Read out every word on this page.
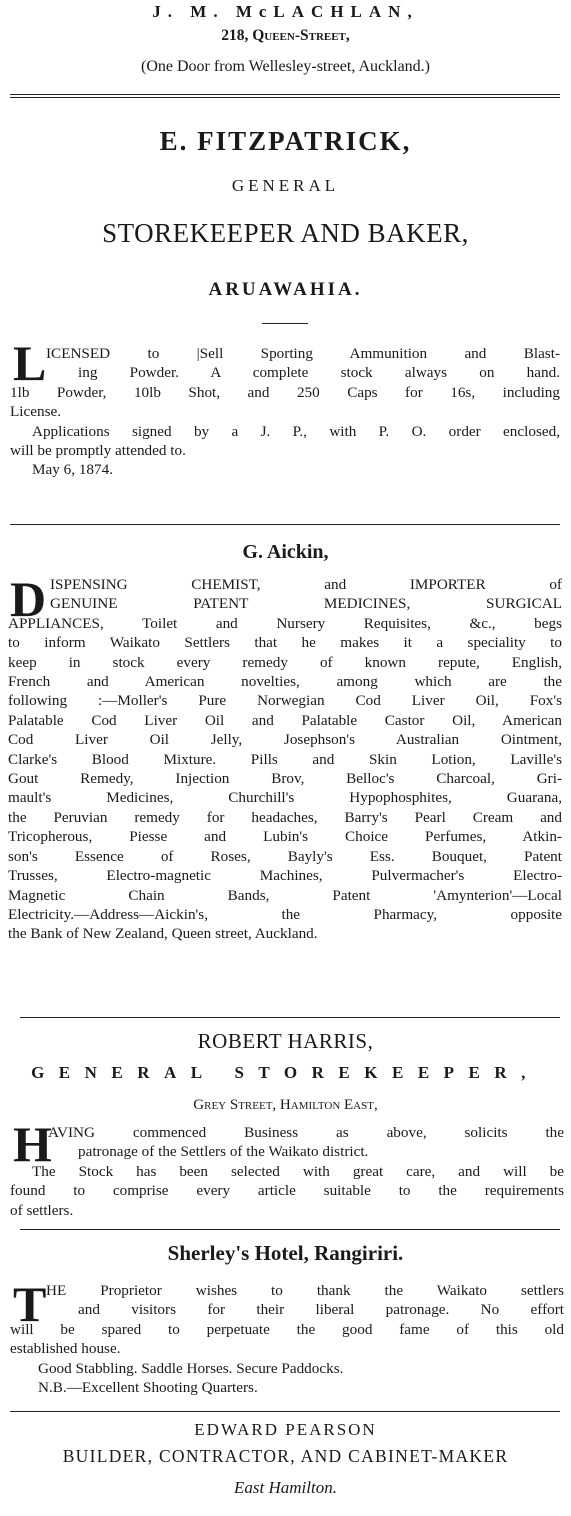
J. M. McLACHLAN,
218, Queen-Street,
(One Door from Wellesley-street, Auckland.)
E. FITZPATRICK,
GENERAL
STOREKEEPER AND BAKER,
ARUAWAHIA.
L ICENSED to |Sell Sporting Ammunition and Blast-
ing Powder. A complete stock always on hand.
1lb Powder, 10lb Shot, and 250 Caps for 16s, including
License.
Applications signed by a J. P., with P. O. order enclosed,
will be promptly attended to.
May 6, 1874.
G. Aickin,
D ISPENSING CHEMIST, and IMPORTER of
GENUINE PATENT MEDICINES, SURGICAL
APPLIANCES, Toilet and Nursery Requisites, &c., begs
to inform Waikato Settlers that he makes it a speciality to
keep in stock every remedy of known repute, English,
French and American novelties, among which are the
following :—Moller's Pure Norwegian Cod Liver Oil, Fox's
Palatable Cod Liver Oil and Palatable Castor Oil, American
Cod Liver Oil Jelly, Josephson's Australian Ointment,
Clarke's Blood Mixture. Pills and Skin Lotion, Laville's
Gout Remedy, Injection Brov, Belloc's Charcoal, Gri-
mault's Medicines, Churchill's Hypophosphites, Guarana,
the Peruvian remedy for headaches, Barry's Pearl Cream and
Tricopherous, Piesse and Lubin's Choice Perfumes, Atkin-
son's Essence of Roses, Bayly's Ess. Bouquet, Patent
Trusses, Electro-magnetic Machines, Pulvermacher's Electro-
Magnetic Chain Bands, Patent 'Amynterion'—Local
Electricity.—Address—Aickin's, the Pharmacy, opposite
the Bank of New Zealand, Queen street, Auckland.
ROBERT HARRIS,
GENERAL STOREKEEPER,
Grey Street, Hamilton East,
H
AVING commenced Business as above, solicits the
patronage of the Settlers of the Waikato district.
The Stock has been selected with great care, and will be
found to comprise every article suitable to the requirements
of settlers.
Sherley's Hotel, Rangiriri.
T HE Proprietor wishes to thank the Waikato settlers
and visitors for their liberal patronage. No effort
will be spared to perpetuate the good fame of this old
established house.
Good Stabbling. Saddle Horses. Secure Paddocks.
N.B.—Excellent Shooting Quarters.
EDWARD PEARSON
BUILDER, CONTRACTOR, AND CABINET-MAKER
East Hamilton.
